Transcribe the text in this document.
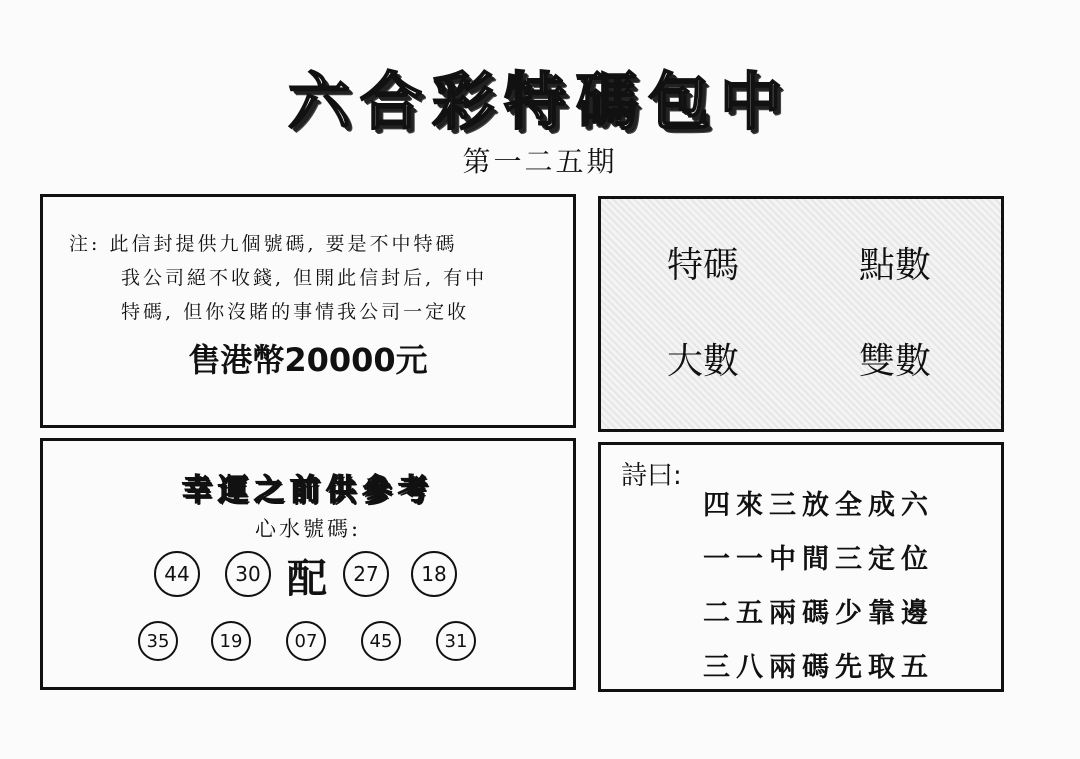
六合彩特碼包中
第一二五期
注: 此信封提供九個號碼, 要是不中特碼
我公司絕不收錢, 但開此信封后, 有中
特碼, 但你沒賭的事情我公司一定收
售港幣20000元
特碼	點數
大數	雙數
幸運之前供參考
心水號碼:
44	30 配	27	18
35	19	07	45	31
詩曰:
四來三放全成六
一一中間三定位
二五兩碼少靠邊
三八兩碼先取五
